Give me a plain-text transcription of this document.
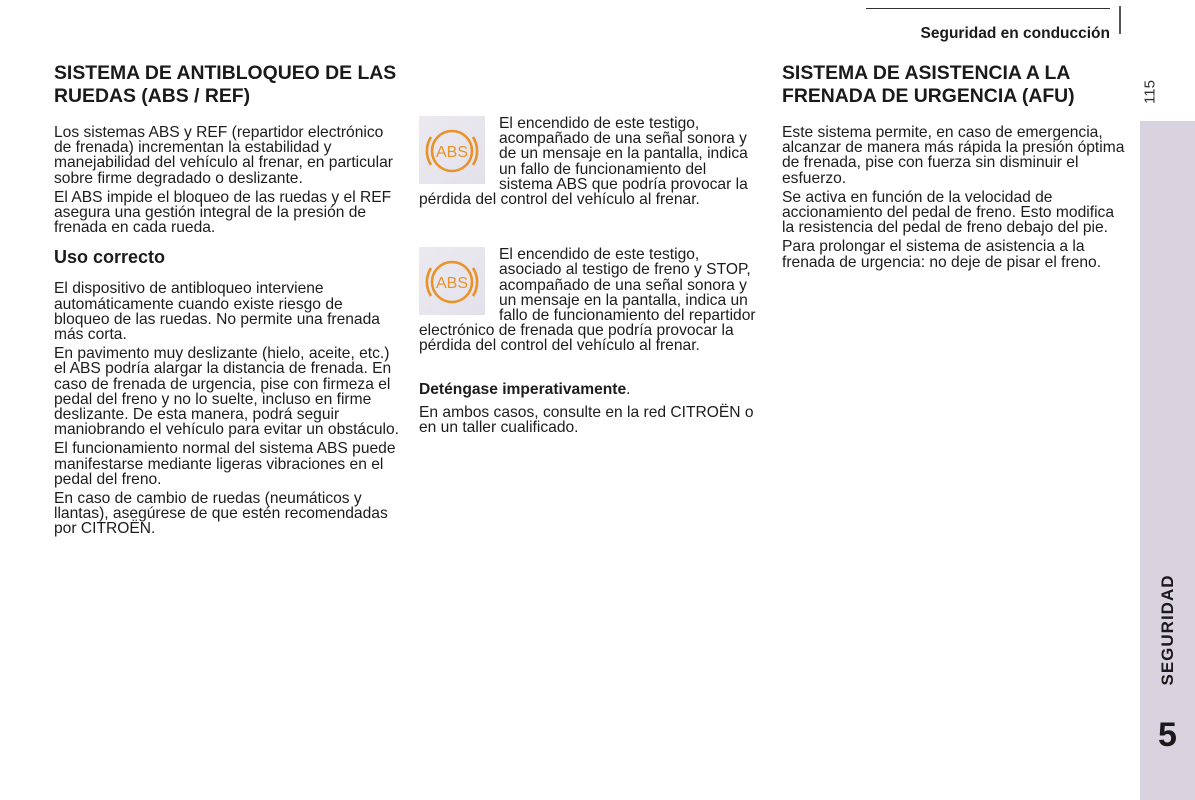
Seguridad en conducción
115
SEGURIDAD
5
SISTEMA DE ANTIBLOQUEO DE LAS RUEDAS (ABS / REF)

Los sistemas ABS y REF (repartidor electrónico de frenada) incrementan la estabilidad y manejabilidad del vehículo al frenar, en particular sobre firme degradado o deslizante.

El ABS impide el bloqueo de las ruedas y el REF asegura una gestión integral de la presión de frenada en cada rueda.

Uso correcto

El dispositivo de antibloqueo interviene automáticamente cuando existe riesgo de bloqueo de las ruedas. No permite una frenada más corta.

En pavimento muy deslizante (hielo, aceite, etc.) el ABS podría alargar la distancia de frenada. En caso de frenada de urgencia, pise con firmeza el pedal del freno y no lo suelte, incluso en firme deslizante. De esta manera, podrá seguir maniobrando el vehículo para evitar un obstáculo.

El funcionamiento normal del sistema ABS puede manifestarse mediante ligeras vibraciones en el pedal del freno.

En caso de cambio de ruedas (neumáticos y llantas), asegúrese de que estén recomendadas por CITROËN.

ABS

El encendido de este testigo, acompañado de una señal sonora y de un mensaje en la pantalla, indica un fallo de funcionamiento del sistema ABS que podría provocar la pérdida del control del vehículo al frenar.

ABS

El encendido de este testigo, asociado al testigo de freno y STOP, acompañado de una señal sonora y un mensaje en la pantalla, indica un fallo de funcionamiento del repartidor electrónico de frenada que podría provocar la pérdida del control del vehículo al frenar.

Deténgase imperativamente.

En ambos casos, consulte en la red CITROËN o en un taller cualificado.

SISTEMA DE ASISTENCIA A LA FRENADA DE URGENCIA (AFU)

Este sistema permite, en caso de emergencia, alcanzar de manera más rápida la presión óptima de frenada, pise con fuerza sin disminuir el esfuerzo.

Se activa en función de la velocidad de accionamiento del pedal de freno. Esto modifica la resistencia del pedal de freno debajo del pie.

Para prolongar el sistema de asistencia a la frenada de urgencia: no deje de pisar el freno.
